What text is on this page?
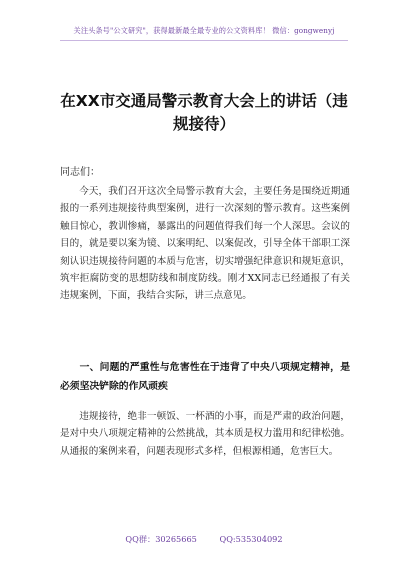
关注头条号"公文研究"，获得最新最全最专业的公文资料库！ 微信：gongwenyj
在XX市交通局警示教育大会上的讲话（违规接待）
同志们：
今天，我们召开这次全局警示教育大会，主要任务是围绕近期通报的一系列违规接待典型案例，进行一次深刻的警示教育。这些案例触目惊心，教训惨痛，暴露出的问题值得我们每一个人深思。会议的目的，就是要以案为镜、以案明纪、以案促改，引导全体干部职工深刻认识违规接待问题的本质与危害，切实增强纪律意识和规矩意识，筑牢拒腐防变的思想防线和制度防线。刚才XX同志已经通报了有关违规案例，下面，我结合实际，讲三点意见。
一、问题的严重性与危害性在于违背了中央八项规定精神，是必须坚决铲除的作风顽疾
违规接待，绝非一顿饭、一杯酒的小事，而是严肃的政治问题，是对中央八项规定精神的公然挑战，其本质是权力滥用和纪律松弛。从通报的案例来看，问题表现形式多样，但根源相通，危害巨大。
QQ群：30265665	QQ:535304092
